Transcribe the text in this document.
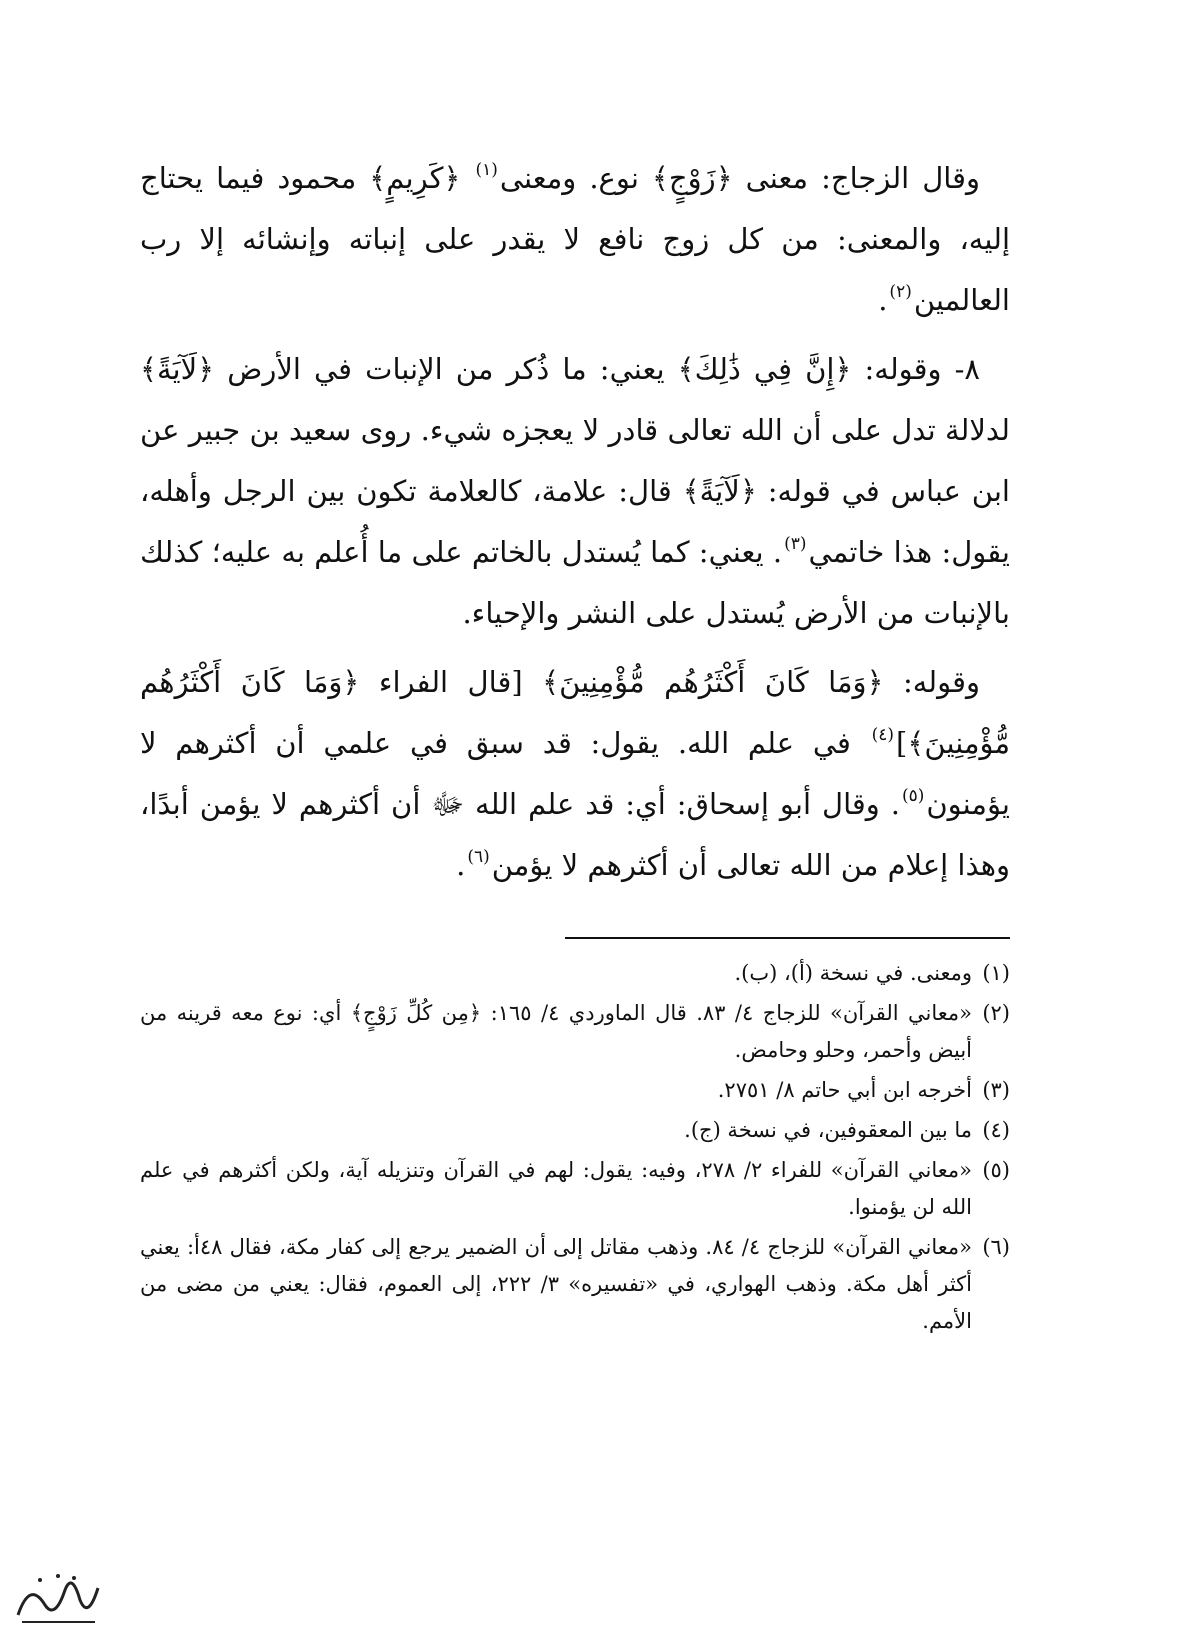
وقال الزجاج: معنى ﴿زَوْجٍ﴾ نوع. ومعنى$^{(١)}$ ﴿كَرِيمٍ﴾ محمود فيما يحتاج إليه، والمعنى: من كل زوج نافع لا يقدر على إنباته وإنشائه إلا رب العالمين$^{(٢)}$.

٨- وقوله: ﴿إِنَّ فِي ذَٰلِكَ﴾ يعني: ما ذُكر من الإنبات في الأرض ﴿لَآيَةً﴾ لدلالة تدل على أن الله تعالى قادر لا يعجزه شيء. روى سعيد بن جبير عن ابن عباس في قوله: ﴿لَآيَةً﴾ قال: علامة، كالعلامة تكون بين الرجل وأهله، يقول: هذا خاتمي$^{(٣)}$. يعني: كما يُستدل بالخاتم على ما أُعلم به عليه؛ كذلك بالإنبات من الأرض يُستدل على النشر والإحياء.

وقوله: ﴿وَمَا كَانَ أَكْثَرُهُم مُّؤْمِنِينَ﴾ [قال الفراء ﴿وَمَا كَانَ أَكْثَرُهُم مُّؤْمِنِينَ﴾]$^{(٤)}$ في علم الله. يقول: قد سبق في علمي أن أكثرهم لا يؤمنون$^{(٥)}$. وقال أبو إسحاق: أي: قد علم الله ﷻ أن أكثرهم لا يؤمن أبدًا، وهذا إعلام من الله تعالى أن أكثرهم لا يؤمن$^{(٦)}$.

(١)
ومعنى. في نسخة (أ)، (ب).
(٢)
«معاني القرآن» للزجاج ٤/ ٨٣. قال الماوردي ٤/ ١٦٥: ﴿مِن كُلِّ زَوْجٍ﴾ أي: نوع معه قرينه من أبيض وأحمر، وحلو وحامض.
(٣)
أخرجه ابن أبي حاتم ٨/ ٢٧٥١.
(٤)
ما بين المعقوفين، في نسخة (ج).
(٥)
«معاني القرآن» للفراء ٢/ ٢٧٨، وفيه: يقول: لهم في القرآن وتنزيله آية، ولكن أكثرهم في علم الله لن يؤمنوا.
(٦)
«معاني القرآن» للزجاج ٤/ ٨٤. وذهب مقاتل إلى أن الضمير يرجع إلى كفار مكة، فقال ٤٨أ: يعني أكثر أهل مكة. وذهب الهواري، في «تفسيره» ٣/ ٢٢٢، إلى العموم، فقال: يعني من مضى من الأمم.
